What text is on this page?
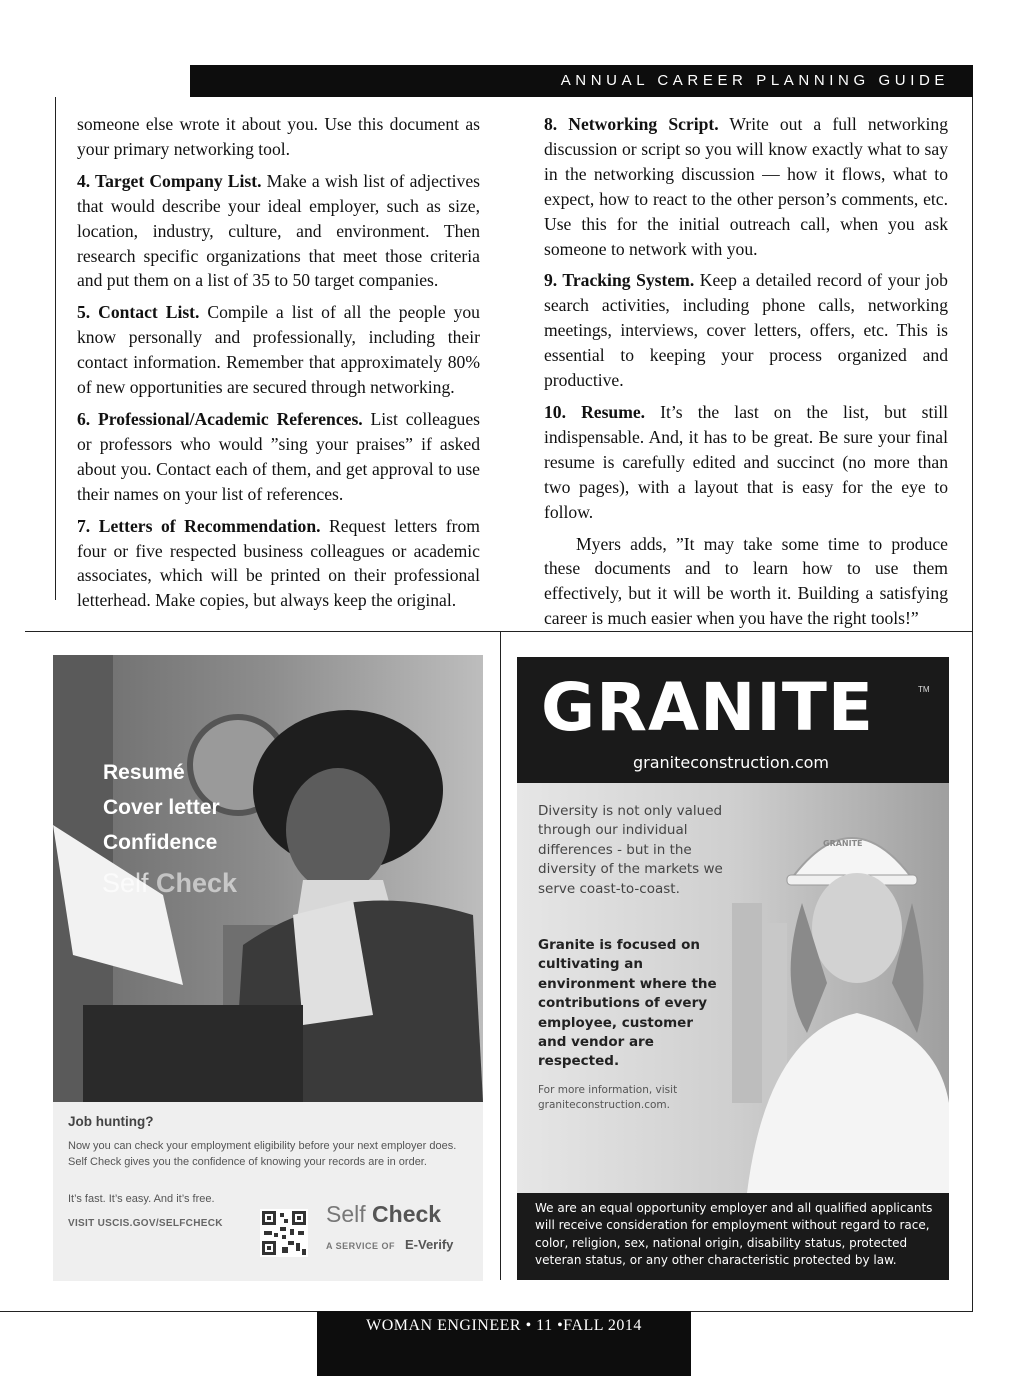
ANNUAL CAREER PLANNING GUIDE

someone else wrote it about you. Use this document as your primary networking tool.

4. Target Company List. Make a wish list of adjectives that would describe your ideal employer, such as size, location, industry, culture, and environment. Then research specific organizations that meet those criteria and put them on a list of 35 to 50 target companies.

5. Contact List. Compile a list of all the people you know personally and professionally, including their contact information. Remember that approximately 80% of new opportunities are secured through networking.

6. Professional/Academic References. List colleagues or professors who would ”sing your praises” if asked about you. Contact each of them, and get approval to use their names on your list of references.

7. Letters of Recommendation. Request letters from four or five respected business colleagues or academic associates, which will be printed on their professional letterhead. Make copies, but always keep the original.

8. Networking Script. Write out a full networking discussion or script so you will know exactly what to say in the networking discussion — how it flows, what to expect, how to react to the other person’s comments, etc. Use this for the initial outreach call, when you ask someone to network with you.

9. Tracking System. Keep a detailed record of your job search activities, including phone calls, networking meetings, interviews, cover letters, offers, etc. This is essential to keeping your process organized and productive.

10. Resume. It’s the last on the list, but still indispensable. And, it has to be great. Be sure your final resume is carefully edited and succinct (no more than two pages), with a layout that is easy for the eye to follow.

Myers adds, ”It may take some time to produce these documents and to learn how to use them effectively, but it will be worth it. Building a satisfying career is much easier when you have the right tools!”

Resumé
Cover letter
Confidence
Self Check
Job hunting?
Now you can check your employment eligibility before your next employer does. Self Check gives you the confidence of knowing your records are in order.
It’s fast. It’s easy. And it’s free.
VISIT USCIS.GOV/SELFCHECK	Self Check
A SERVICE OF E-Verify
GRANITE	TM
graniteconstruction.com
GRANITE
Diversity is not only valued through our individual differences - but in the diversity of the markets we serve coast-to-coast.
Granite is focused on cultivating an environment where the contributions of every employee, customer and vendor are respected.
For more information, visit graniteconstruction.com.
We are an equal opportunity employer and all qualified applicants will receive consideration for employment without regard to race, color, religion, sex, national origin, disability status, protected veteran status, or any other characteristic protected by law.
WOMAN ENGINEER • 11 •FALL 2014
